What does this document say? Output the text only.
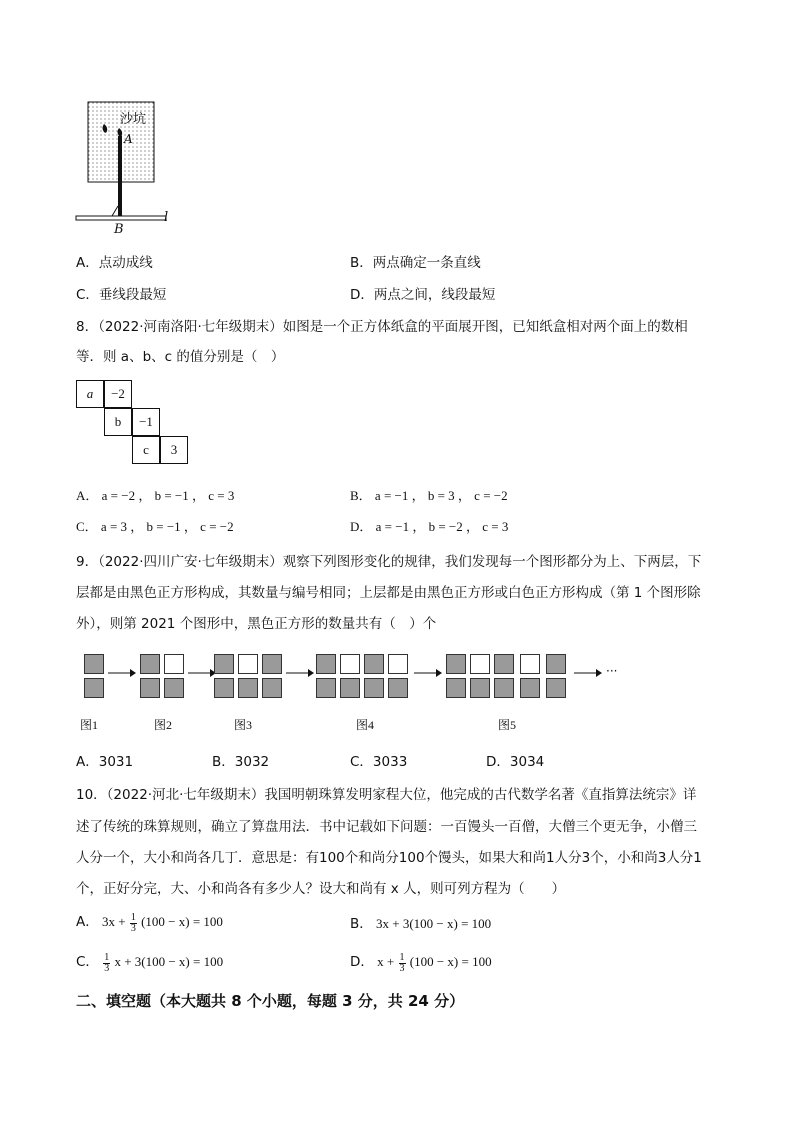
沙坑
A
B
l
A．点动成线	B．两点确定一条直线
C．垂线段最短	D．两点之间，线段最短
8．（2022·河南洛阳·七年级期末）如图是一个正方体纸盒的平面展开图，已知纸盒相对两个面上的数相
等．则 a、b、c 的值分别是（　）
a	−2
b	−1
c	3
A． a = −2 ， b = −1 ， c = 3	B． a = −1 ， b = 3 ， c = −2
C． a = 3 ， b = −1 ， c = −2	D． a = −1 ， b = −2 ， c = 3
9．（2022·四川广安·七年级期末）观察下列图形变化的规律，我们发现每一个图形都分为上、下两层，下
层都是由黑色正方形构成，其数量与编号相同；上层都是由黑色正方形或白色正方形构成（第 1 个图形除
外），则第 2021 个图形中，黑色正方形的数量共有（　）个
···
图1	图2	图3	图4	图5
A．3031	B．3032	C．3033	D．3034
10．（2022·河北·七年级期末）我国明朝珠算发明家程大位，他完成的古代数学名著《直指算法统宗》详
述了传统的珠算规则，确立了算盘用法．书中记载如下问题：一百馒头一百僧，大僧三个更无争，小僧三
人分一个，大小和尚各几丁．意思是：有100个和尚分100个馒头，如果大和尚1人分3个，小和尚3人分1
个，正好分完，大、小和尚各有多少人？设大和尚有 x 人，则可列方程为（　　）
A． $3x + \frac{1}{3} (100 - x) = 100$	B． 3x + 3(100 − x) = 100
C． $\frac{1}{3}$ x + 3(100 − x) = 100	D． $x + \frac{1}{3} (100 - x) = 100$
二、填空题（本大题共 8 个小题，每题 3 分，共 24 分）
